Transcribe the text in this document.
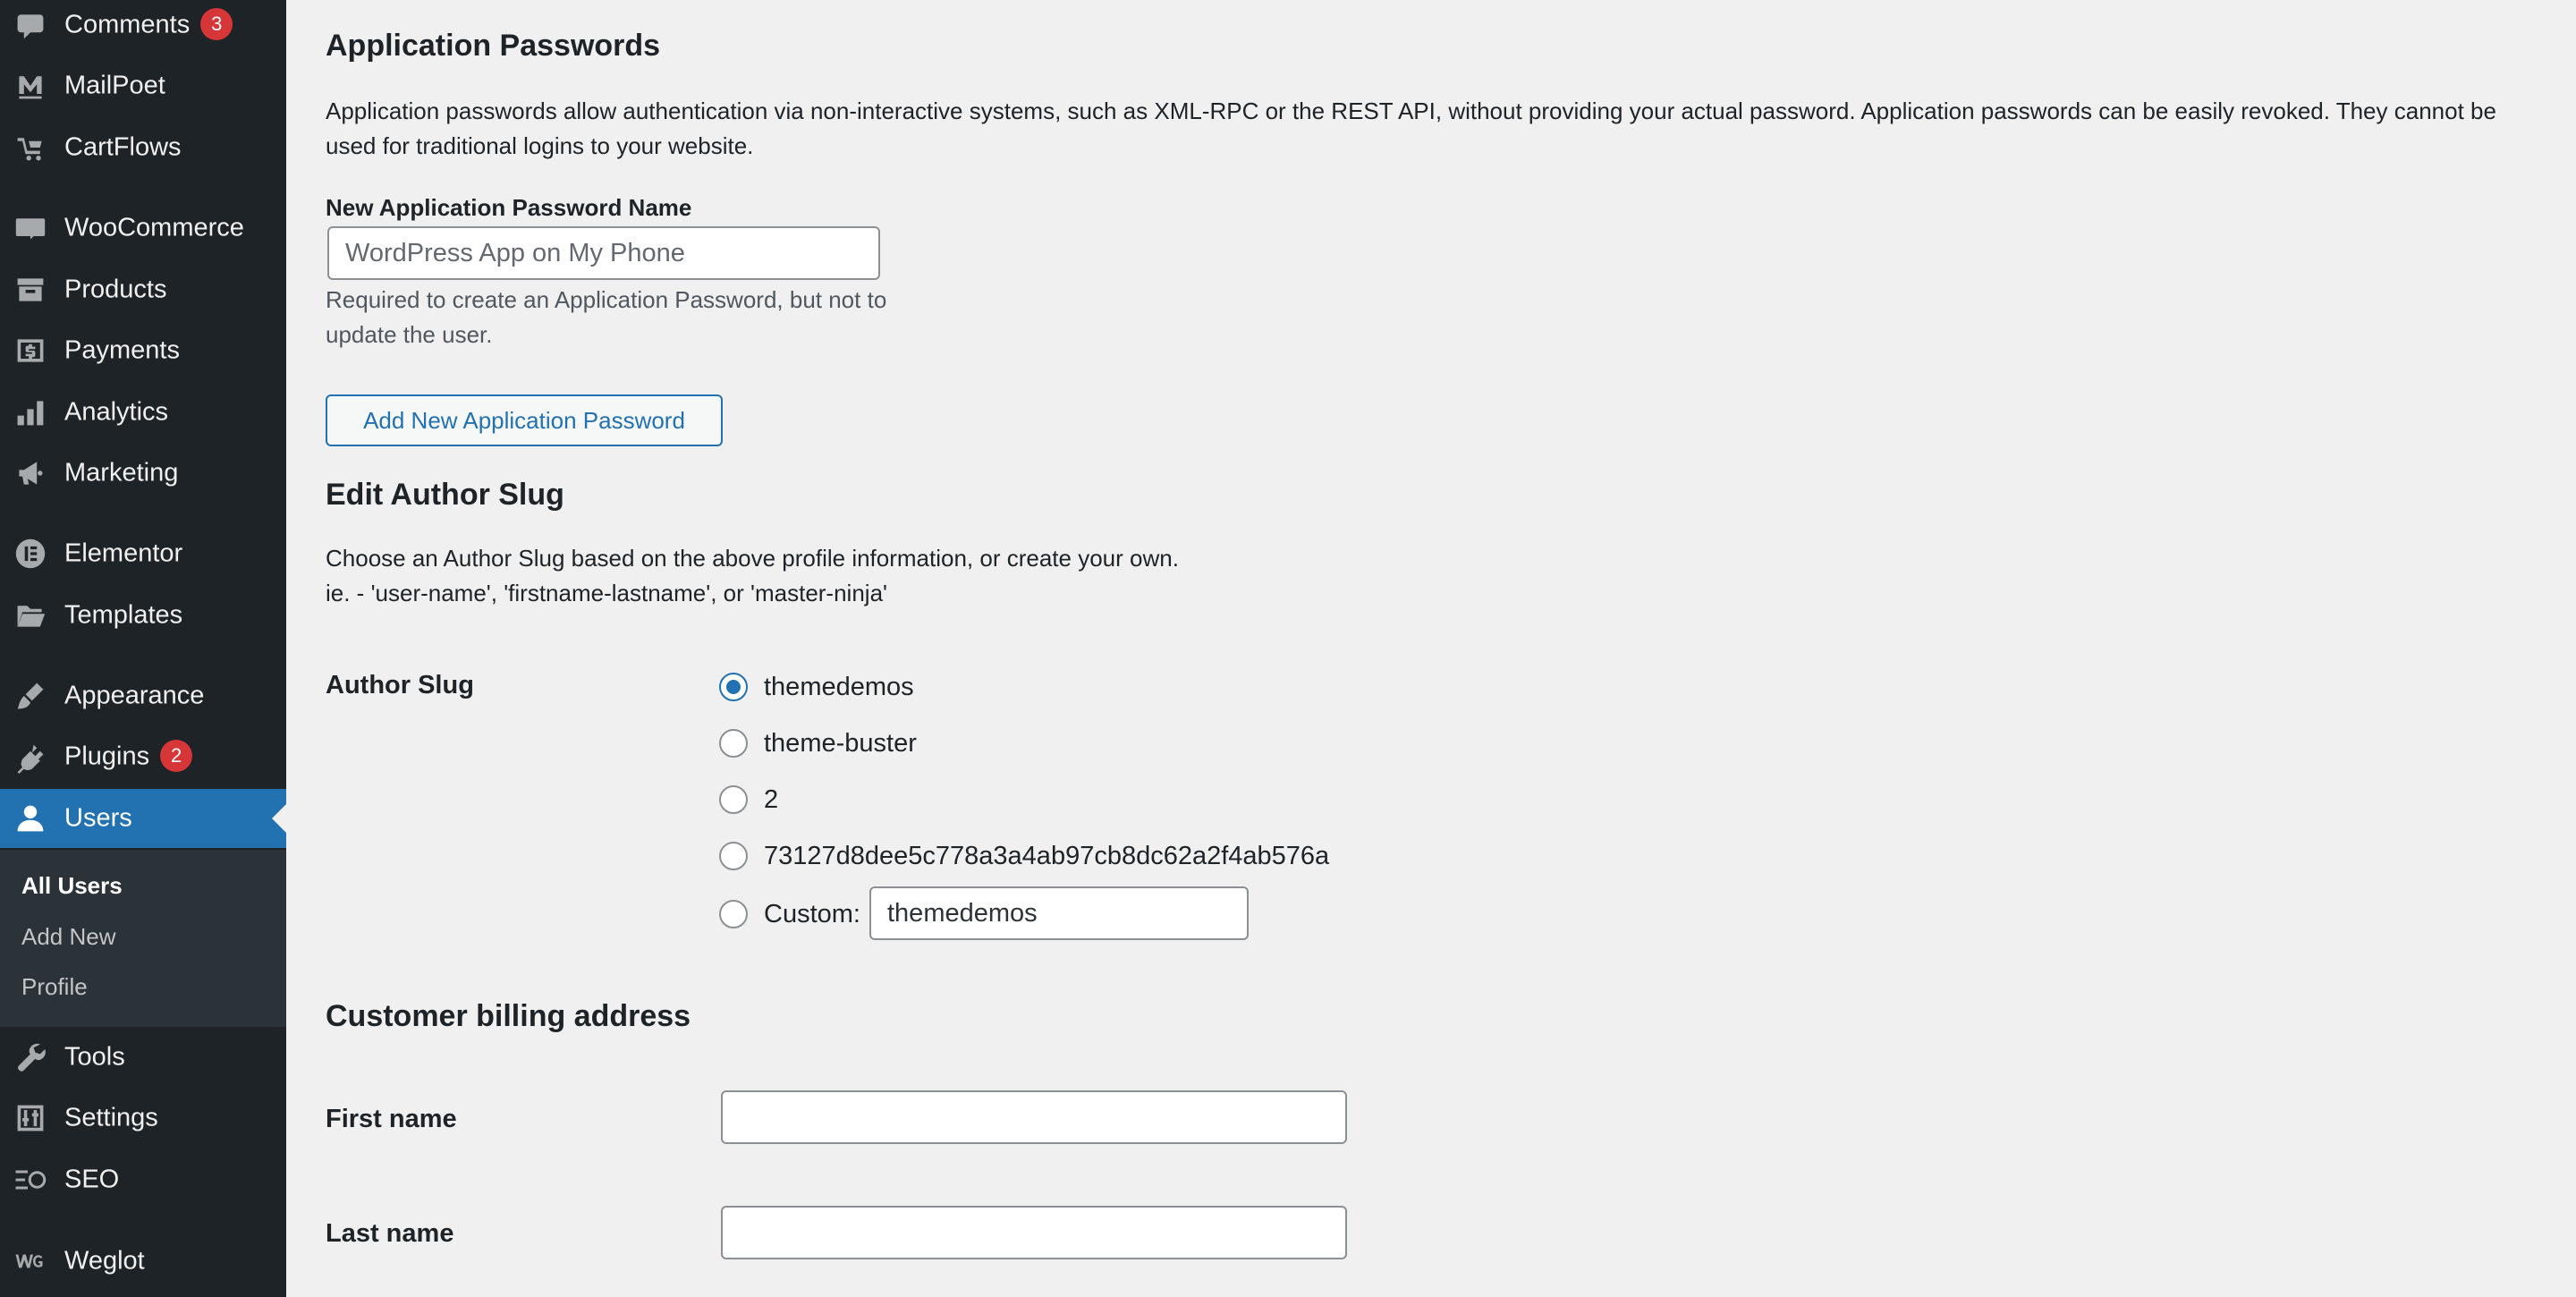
Comments 3
MailPoet
CartFlows
WooCommerce
Products
Payments
Analytics
Marketing
Elementor
Templates
Appearance
Plugins 2
Users
All Users
Add New
Profile
Tools
Settings
SEO
Weglot
Application Passwords

Application passwords allow authentication via non-interactive systems, such as XML-RPC or the REST API, without providing your actual password. Application passwords can be easily revoked. They cannot be used for traditional logins to your website.

New Application Password Name
WordPress App on My Phone

Required to create an Application Password, but not to update the user.

Add New Application Password
Edit Author Slug

Choose an Author Slug based on the above profile information, or create your own.

ie. - 'user-name', 'firstname-lastname', or 'master-ninja'

Author Slug	themedemos
theme-buster
2
73127d8dee5c778a3a4ab97cb8dc62a2f4ab576a
Custom:
themedemos
Customer billing address
First name
Last name
